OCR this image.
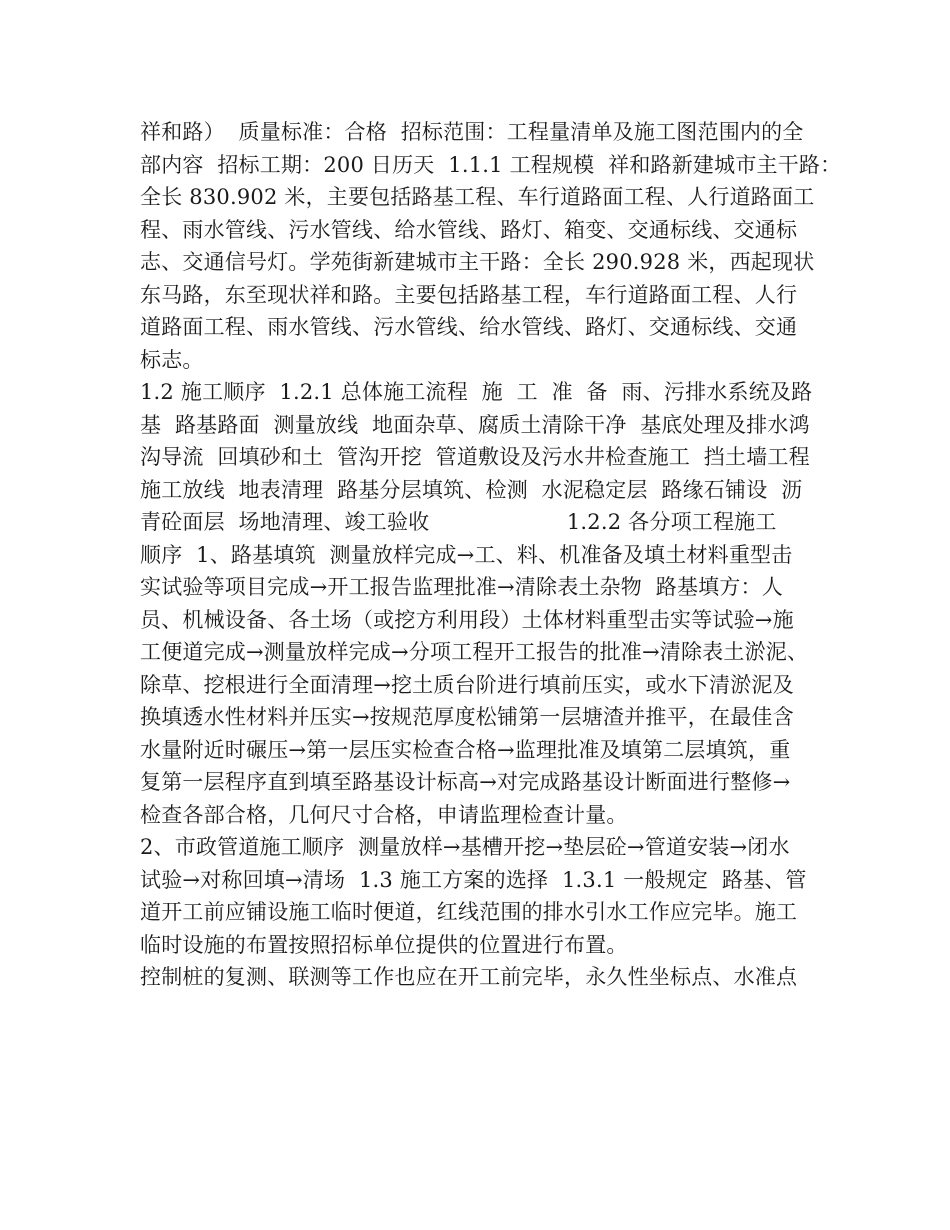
祥和路）  质量标准：合格  招标范围：工程量清单及施工图范围内的全
部内容  招标工期：200 日历天  1.1.1 工程规模  祥和路新建城市主干路：
全长 830.902 米，主要包括路基工程、车行道路面工程、人行道路面工
程、雨水管线、污水管线、给水管线、路灯、箱变、交通标线、交通标
志、交通信号灯。学苑街新建城市主干路：全长 290.928 米，西起现状
东马路，东至现状祥和路。主要包括路基工程，车行道路面工程、人行
道路面工程、雨水管线、污水管线、给水管线、路灯、交通标线、交通
标志。
1.2 施工顺序  1.2.1 总体施工流程  施  工  准  备  雨、污排水系统及路
基  路基路面  测量放线  地面杂草、腐质土清除干净  基底处理及排水鸿
沟导流  回填砂和土  管沟开挖  管道敷设及污水井检查施工  挡土墙工程
施工放线  地表清理  路基分层填筑、检测  水泥稳定层  路缘石铺设  沥
青砼面层  场地清理、竣工验收                    1.2.2 各分项工程施工
顺序  1、路基填筑  测量放样完成→工、料、机准备及填土材料重型击
实试验等项目完成→开工报告监理批准→清除表土杂物  路基填方：人
员、机械设备、各土场（或挖方利用段）土体材料重型击实等试验→施
工便道完成→测量放样完成→分项工程开工报告的批准→清除表土淤泥、
除草、挖根进行全面清理→挖土质台阶进行填前压实，或水下清淤泥及
换填透水性材料并压实→按规范厚度松铺第一层塘渣并推平，在最佳含
水量附近时碾压→第一层压实检查合格→监理批准及填第二层填筑，重
复第一层程序直到填至路基设计标高→对完成路基设计断面进行整修→
检查各部合格，几何尺寸合格，申请监理检查计量。
2、市政管道施工顺序  测量放样→基槽开挖→垫层砼→管道安装→闭水
试验→对称回填→清场  1.3 施工方案的选择  1.3.1 一般规定  路基、管
道开工前应铺设施工临时便道，红线范围的排水引水工作应完毕。施工
临时设施的布置按照招标单位提供的位置进行布置。
控制桩的复测、联测等工作也应在开工前完毕，永久性坐标点、水准点
